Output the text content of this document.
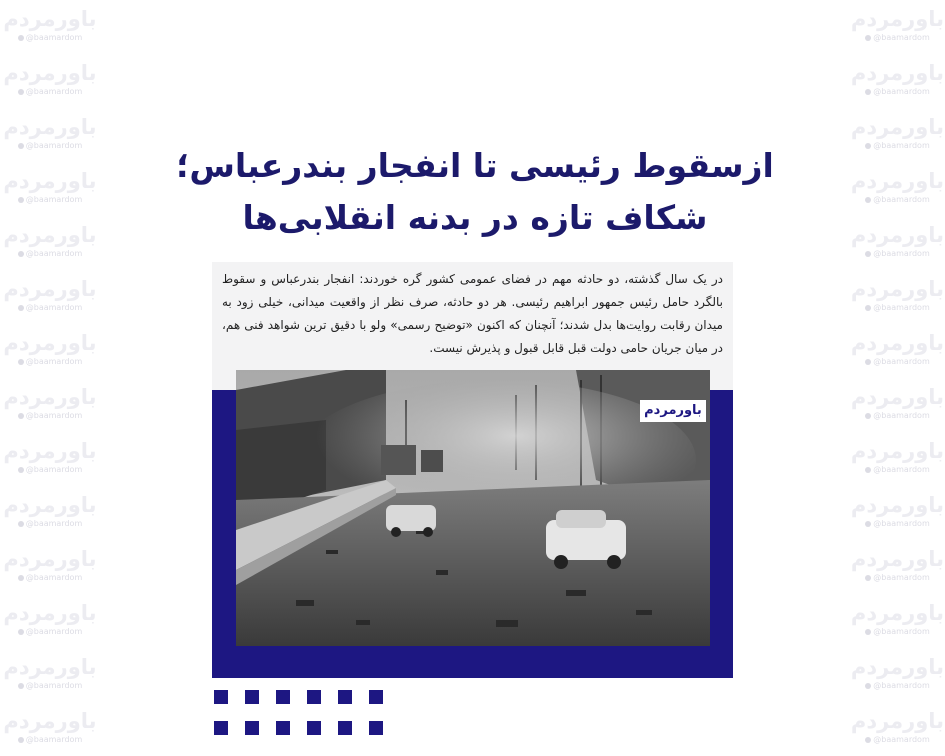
باورمردم
@baamardom
باورمردم
@baamardom
باورمردم
@baamardom
باورمردم
@baamardom
باورمردم
@baamardom
باورمردم
@baamardom
باورمردم
@baamardom
باورمردم
@baamardom
باورمردم
@baamardom
باورمردم
@baamardom
باورمردم
@baamardom
باورمردم
@baamardom
باورمردم
@baamardom
باورمردم
@baamardom
باورمردم
@baamardom
باورمردم
@baamardom
باورمردم
@baamardom
باورمردم
@baamardom
باورمردم
@baamardom
باورمردم
@baamardom
باورمردم
@baamardom
باورمردم
@baamardom
باورمردم
@baamardom
باورمردم
@baamardom
باورمردم
@baamardom
باورمردم
@baamardom
باورمردم
@baamardom
باورمردم
@baamardom
ازسقوط رئیسی تا انفجار بندرعباس؛
شکاف تازه در بدنه انقلابی‌ها

در یک سال گذشته، دو حادثه مهم در فضای عمومی کشور گره خوردند: انفجار بندرعباس و سقوط بالگرد حامل رئیس جمهور ابراهیم رئیسی. هر دو حادثه، صرف نظر از واقعیت میدانی، خیلی زود به میدان رقابت روایت‌ها بدل شدند؛ آنچنان که اکنون «توضیح رسمی» ولو با دقیق ترین شواهد فنی هم، در میان جریان حامی دولت قبل قابل قبول و پذیرش نیست.

باورمردم
